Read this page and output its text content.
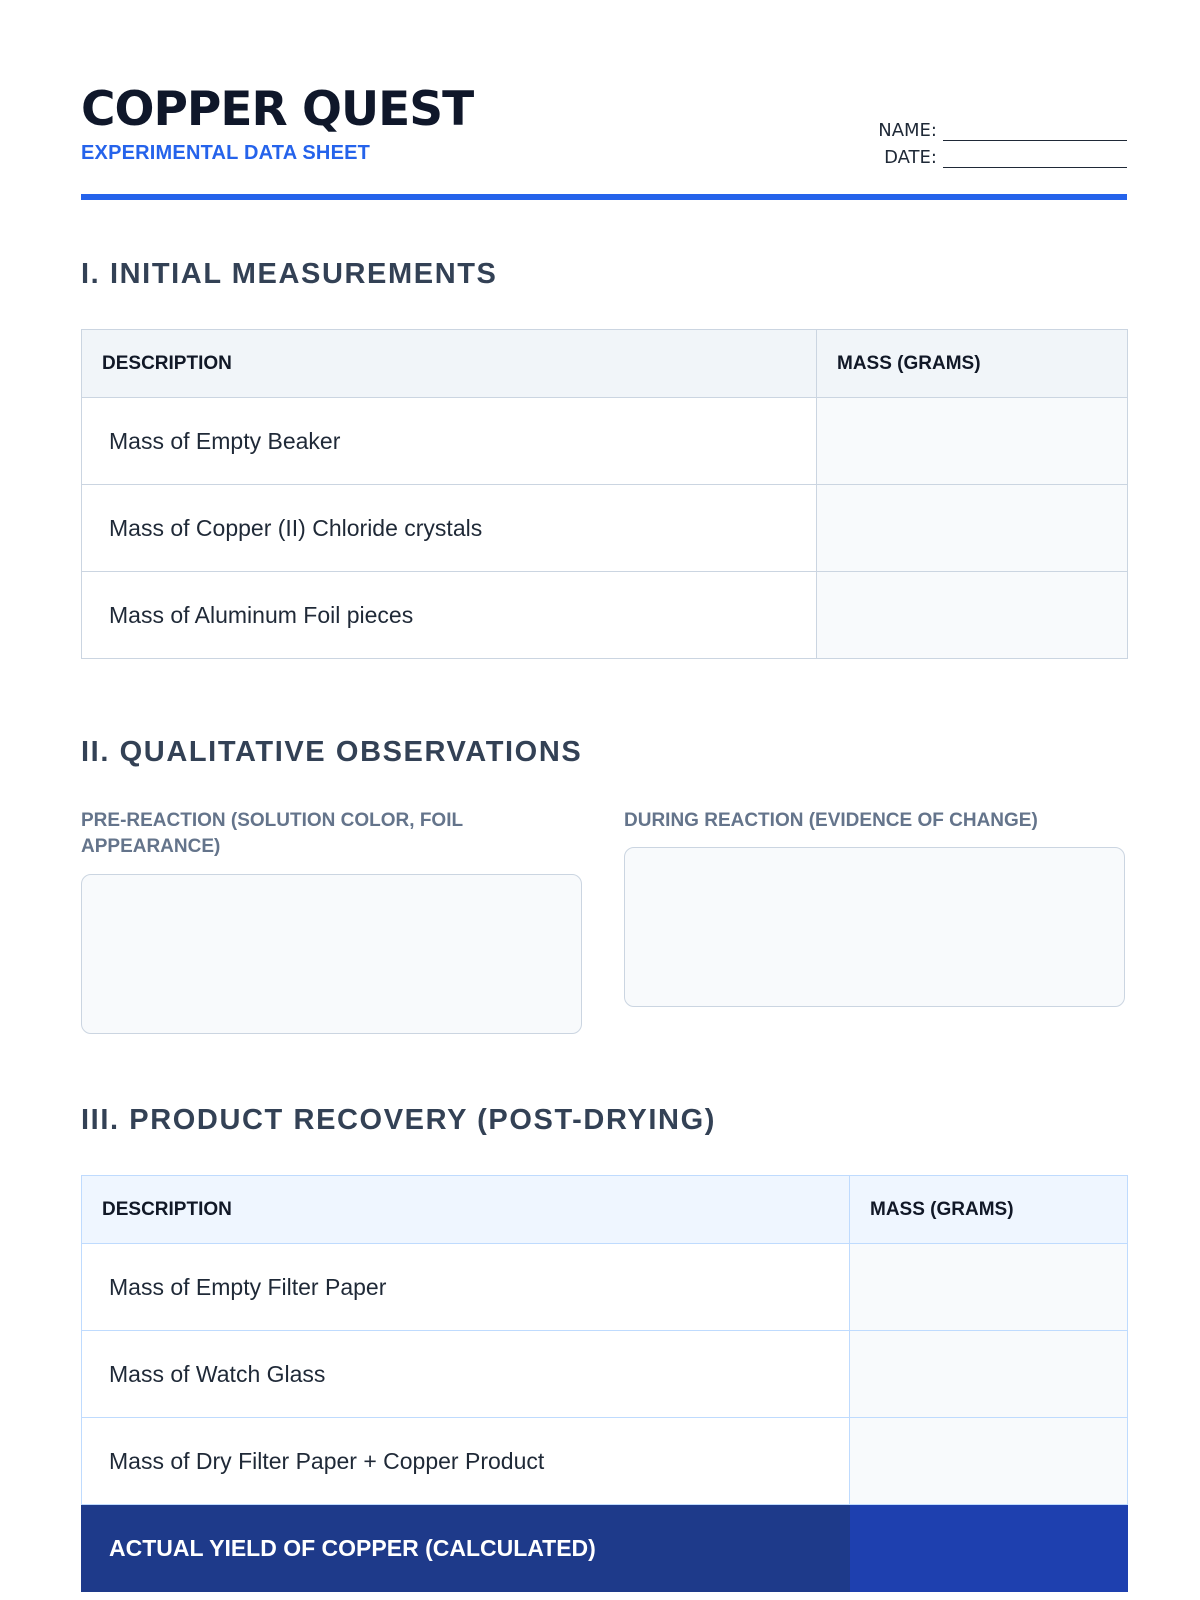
COPPER QUEST
EXPERIMENTAL DATA SHEET
NAME:
DATE:
I. INITIAL MEASUREMENTS
DESCRIPTION	MASS (GRAMS)
Mass of Empty Beaker	
Mass of Copper (II) Chloride crystals	
Mass of Aluminum Foil pieces	
II. QUALITATIVE OBSERVATIONS
PRE-REACTION (SOLUTION COLOR, FOIL APPEARANCE)
DURING REACTION (EVIDENCE OF CHANGE)
III. PRODUCT RECOVERY (POST-DRYING)
DESCRIPTION	MASS (GRAMS)
Mass of Empty Filter Paper	
Mass of Watch Glass	
Mass of Dry Filter Paper + Copper Product	
ACTUAL YIELD OF COPPER (CALCULATED)	
